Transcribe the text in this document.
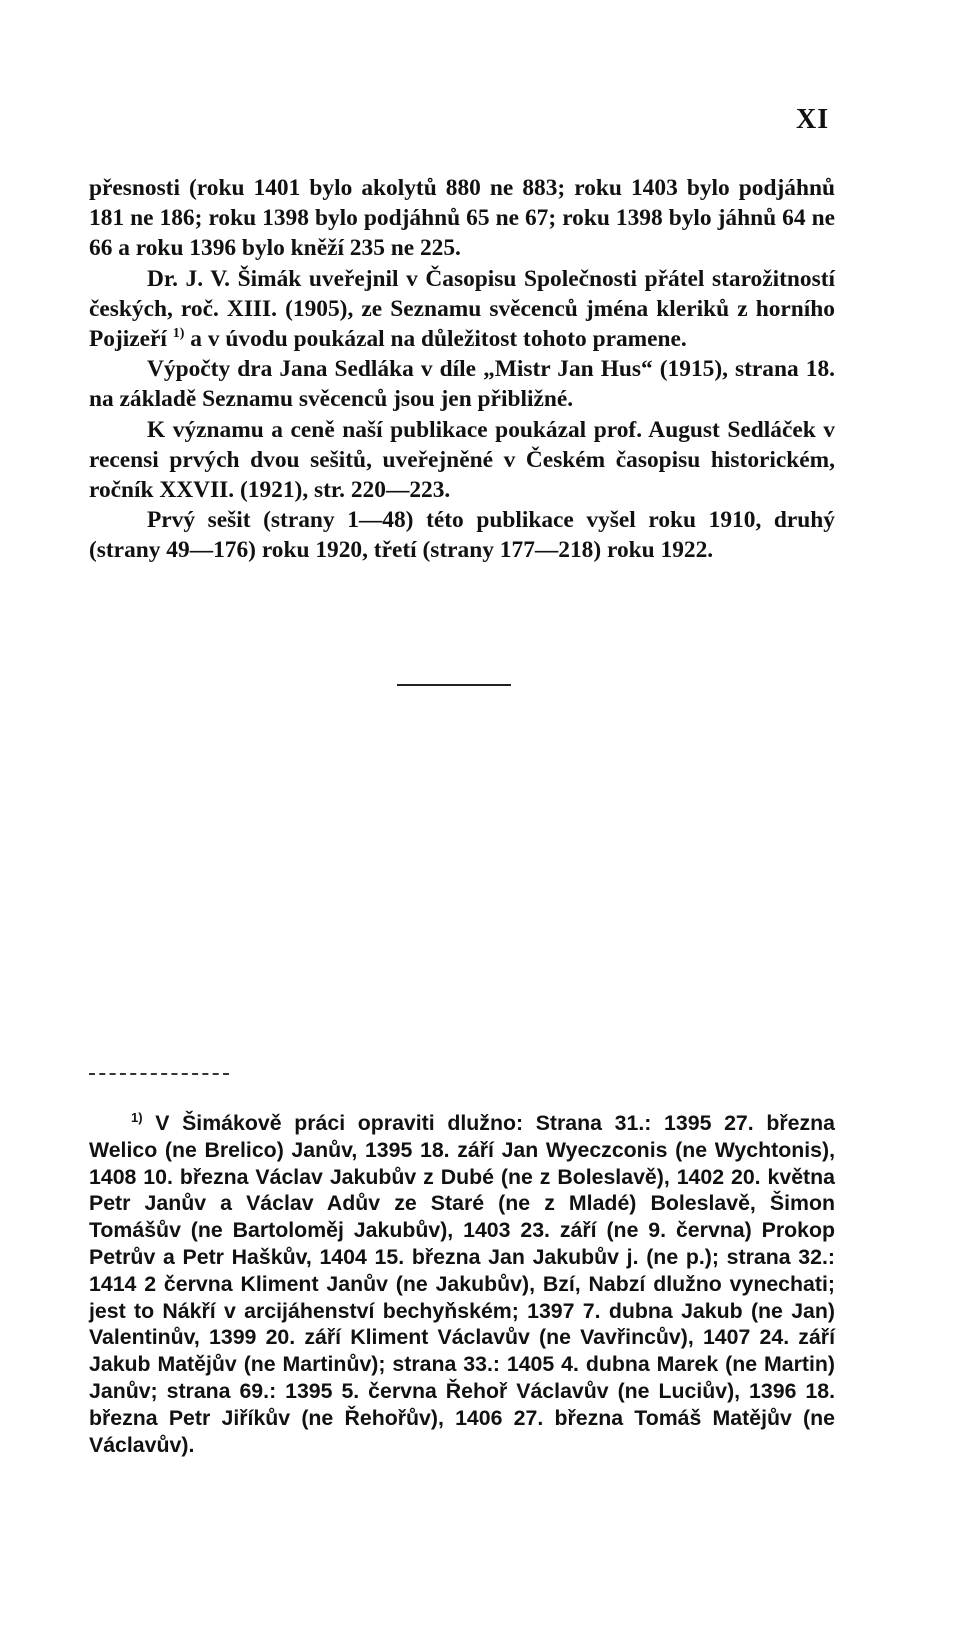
XI

přesnosti (roku 1401 bylo akolytů 880 ne 883; roku 1403 bylo podjáhnů 181 ne 186; roku 1398 bylo podjáhnů 65 ne 67; roku 1398 bylo jáhnů 64 ne 66 a roku 1396 bylo kněží 235 ne 225.

Dr. J. V. Šimák uveřejnil v Časopisu Společnosti přátel starožitností českých, roč. XIII. (1905), ze Seznamu svěcenců jména kleriků z horního Pojizeří $^{1)}$ a v úvodu poukázal na důležitost tohoto pramene.

Výpočty dra Jana Sedláka v díle „Mistr Jan Hus“ (1915), strana 18. na základě Seznamu svěcenců jsou jen přibližné.

K významu a ceně naší publikace poukázal prof. August Sedláček v recensi prvých dvou sešitů, uveřejněné v Českém časopisu historickém, ročník XXVII. (1921), str. 220—223.

Prvý sešit (strany 1—48) této publikace vyšel roku 1910, druhý (strany 49—176) roku 1920, třetí (strany 177—218) roku 1922.

$^{1)}$ V Šimákově práci opraviti dlužno: Strana 31.: 1395 27. března Welico (ne Brelico) Janův, 1395 18. září Jan Wyeczconis (ne Wychtonis), 1408 10. března Václav Jakubův z Dubé (ne z Boleslavě), 1402 20. května Petr Janův a Václav Adův ze Staré (ne z Mladé) Boleslavě, Šimon Tomášův (ne Bartoloměj Jakubův), 1403 23. září (ne 9. června) Prokop Petrův a Petr Haškův, 1404 15. března Jan Jakubův j. (ne p.); strana 32.: 1414 2 června Kliment Janův (ne Jakubův), Bzí, Nabzí dlužno vynechati; jest to Nákří v arcijáhenství bechyňském; 1397 7. dubna Jakub (ne Jan) Valentinův, 1399 20. září Kliment Václavův (ne Vavřincův), 1407 24. září Jakub Matějův (ne Martinův); strana 33.: 1405 4. dubna Marek (ne Martin) Janův; strana 69.: 1395 5. června Řehoř Václavův (ne Luciův), 1396 18. března Petr Jiříkův (ne Řehořův), 1406 27. března Tomáš Matějův (ne Václavův).
